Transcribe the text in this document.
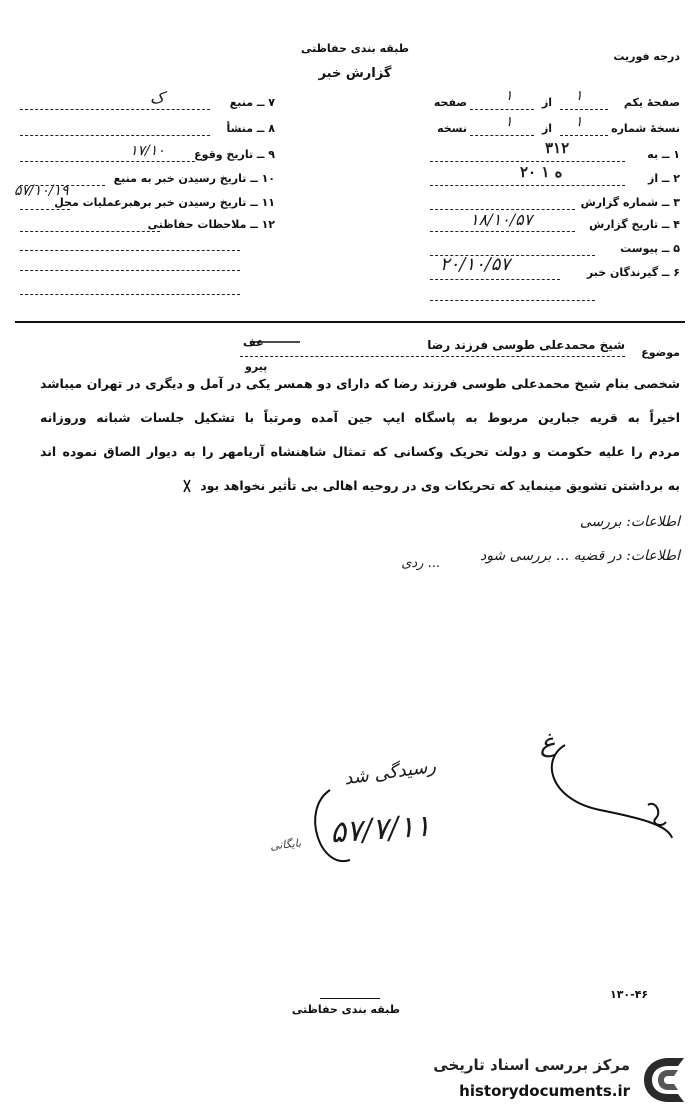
طبقه بندی حفاظتی
گزارش خبر
درجه فوریت
۷ ــ منبع
ک
۸ ــ منشأ
۹ ــ تاریخ وقوع
۱۷/۱۰
۱۰ ــ تاریخ رسیدن خبر به منبع
۱۱ ــ تاریخ رسیدن خبر برهبرعملیات محل
۵۷/۱۰/۱۹
۱۲ ــ ملاحظات حفاظتی
صفحهٔ یکم
۱
از
۱
صفحه
نسخهٔ شماره
۱
از
۱
نسخه
۱ ــ به
۳۱۲
۲ ــ از
۲۰ ه ۱
۳ ــ شماره گزارش
۴ ــ تاریخ گزارش
۱۸/۱۰/۵۷
۵ ــ پیوست
۶ ــ گیرندگان خبر
۲۰/۱۰/۵۷
موضوع
شیخ محمدعلی طوسی فرزند رضا
عف
پیرو
شخصی بنام شیخ محمدعلی طوسی فرزند رضا که دارای دو همسر یکی در آمل و دیگری در تهران میباشد
اخیراً به قریه جبارین مربوط به پاسگاه ایپ جین آمده ومرتباً با تشکیل جلسات شبانه وروزانه
مردم را علیه حکومت و دولت تحریک وکسانی که تمثال شاهنشاه آریامهر را به دیوار الصاق نموده اند
به برداشتن تشویق مینماید که تحریکات وی در روحیه اهالی بی تأثیر نخواهد بود
اطلاعات: بررسی
اطلاعات: در قضیه ... بررسی شود
... ردی
رسیدگی شد
۵۷/۷/۱۱
بایگانی
غ
۱۳۰-۴۶
طبقه بندی حفاظتی
مرکز بررسی اسناد تاریخی
historydocuments.ir
